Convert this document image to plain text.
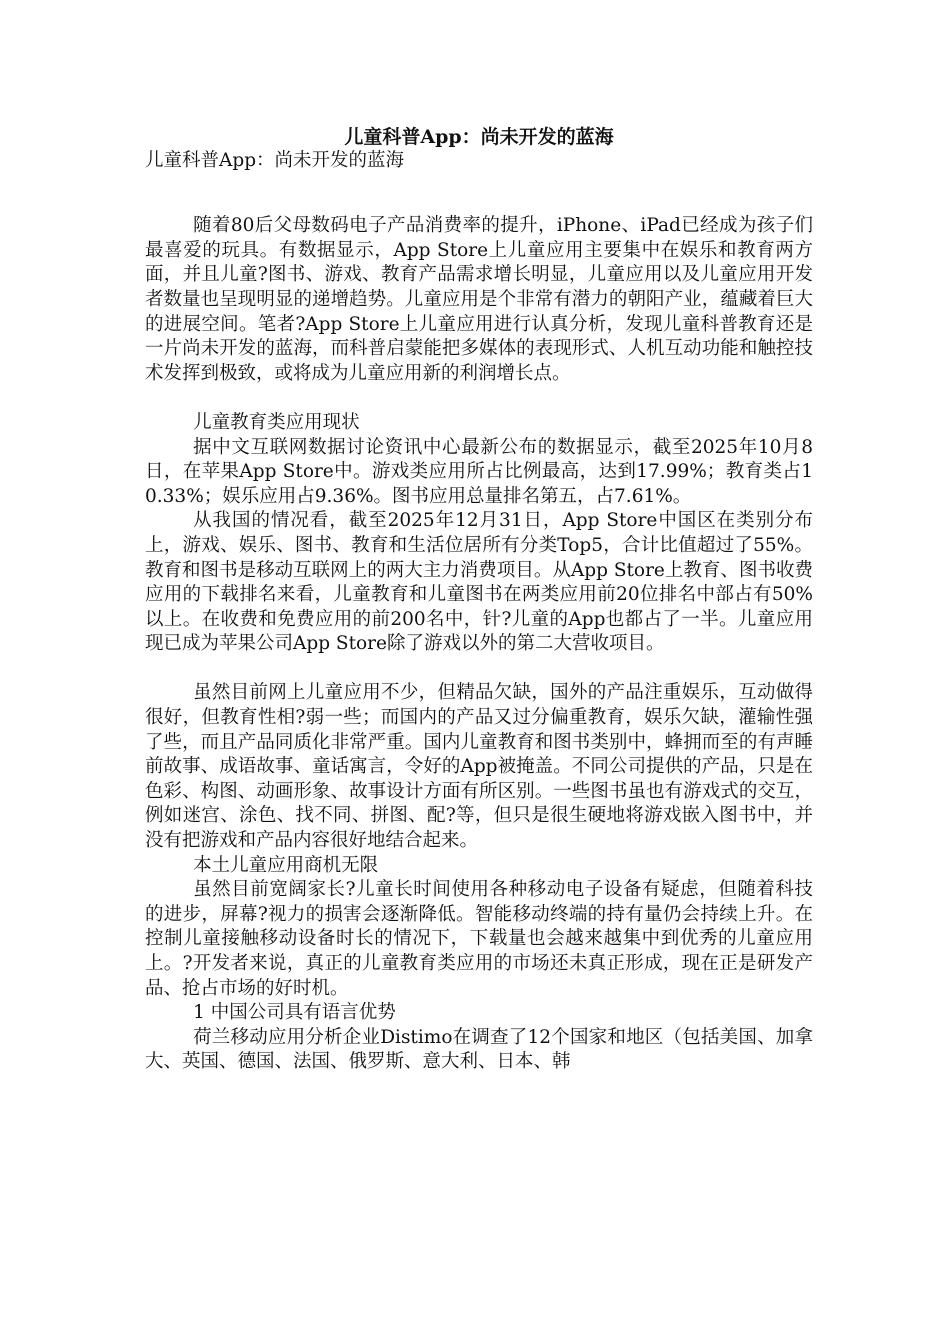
儿童科普App：尚未开发的蓝海

儿童科普App：尚未开发的蓝海

随着80后父母数码电子产品消费率的提升，iPhone、iPad已经成为孩子们最喜爱的玩具。有数据显示，App Store上儿童应用主要集中在娱乐和教育两方面，并且儿童?图书、游戏、教育产品需求增长明显，儿童应用以及儿童应用开发者数量也呈现明显的递增趋势。儿童应用是个非常有潜力的朝阳产业，蕴藏着巨大的进展空间。笔者?App Store上儿童应用进行认真分析，发现儿童科普教育还是一片尚未开发的蓝海，而科普启蒙能把多媒体的表现形式、人机互动功能和触控技术发挥到极致，或将成为儿童应用新的利润增长点。

儿童教育类应用现状

据中文互联网数据讨论资讯中心最新公布的数据显示，截至2025年10月8日，在苹果App Store中。游戏类应用所占比例最高，达到17.99%；教育类占10.33%；娱乐应用占9.36%。图书应用总量排名第五，占7.61%。

从我国的情况看，截至2025年12月31日，App Store中国区在类别分布上，游戏、娱乐、图书、教育和生活位居所有分类Top5，合计比值超过了55%。教育和图书是移动互联网上的两大主力消费项目。从App Store上教育、图书收费应用的下载排名来看，儿童教育和儿童图书在两类应用前20位排名中部占有50%以上。在收费和免费应用的前200名中，针?儿童的App也都占了一半。儿童应用现已成为苹果公司App Store除了游戏以外的第二大营收项目。

虽然目前网上儿童应用不少，但精品欠缺，国外的产品注重娱乐，互动做得很好，但教育性相?弱一些；而国内的产品又过分偏重教育，娱乐欠缺，灌输性强了些，而且产品同质化非常严重。国内儿童教育和图书类别中，蜂拥而至的有声睡前故事、成语故事、童话寓言，令好的App被掩盖。不同公司提供的产品，只是在色彩、构图、动画形象、故事设计方面有所区别。一些图书虽也有游戏式的交互，例如迷宫、涂色、找不同、拼图、配?等，但只是很生硬地将游戏嵌入图书中，并没有把游戏和产品内容很好地结合起来。

本土儿童应用商机无限

虽然目前宽阔家长?儿童长时间使用各种移动电子设备有疑虑，但随着科技的进步，屏幕?视力的损害会逐渐降低。智能移动终端的持有量仍会持续上升。在控制儿童接触移动设备时长的情况下，下载量也会越来越集中到优秀的儿童应用上。?开发者来说，真正的儿童教育类应用的市场还未真正形成，现在正是研发产品、抢占市场的好时机。

1 中国公司具有语言优势

荷兰移动应用分析企业Distimo在调查了12个国家和地区（包括美国、加拿大、英国、德国、法国、俄罗斯、意大利、日本、韩
